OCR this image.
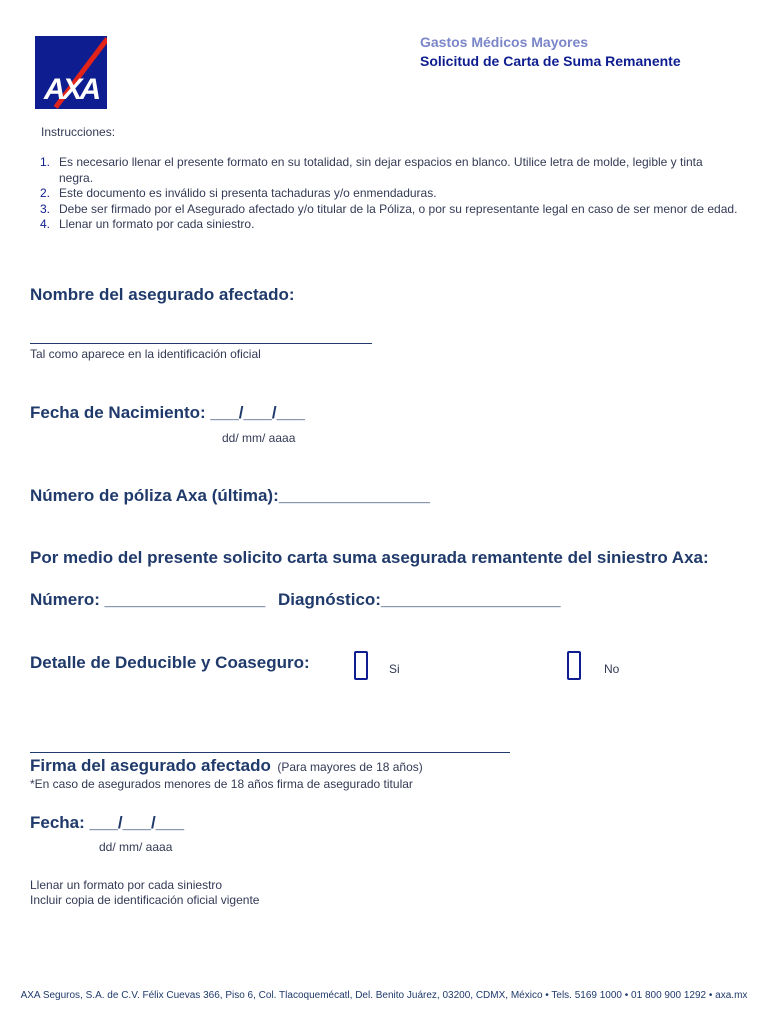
AXA
Gastos Médicos Mayores
Solicitud de Carta de Suma Remanente
Instrucciones:
1. Es necesario llenar el presente formato en su totalidad, sin dejar espacios en blanco. Utilice letra de molde, legible y tinta negra.
2. Este documento es inválido si presenta tachaduras y/o enmendaduras.
3. Debe ser firmado por el Asegurado afectado y/o titular de la Póliza, o por su representante legal en caso de ser menor de edad.
4. Llenar un formato por cada siniestro.
Nombre del asegurado afectado:
Tal como aparece en la identificación oficial
Fecha de Nacimiento: ___/___/___
dd/ mm/ aaaa
Número de póliza Axa (última):________________
Por medio del presente solicito carta suma asegurada remantente del siniestro Axa:
Número: _________________ Diagnóstico:___________________
Detalle de Deducible y Coaseguro:	Si	No
Firma del asegurado afectado (Para mayores de 18 años)
*En caso de asegurados menores de 18 años firma de asegurado titular
Fecha: ___/___/___
dd/ mm/ aaaa
Llenar un formato por cada siniestro
Incluir copia de identificación oficial vigente
AXA Seguros, S.A. de C.V. Félix Cuevas 366, Piso 6, Col. Tlacoquemécatl, Del. Benito Juárez, 03200, CDMX, México • Tels. 5169 1000 • 01 800 900 1292 • axa.mx
